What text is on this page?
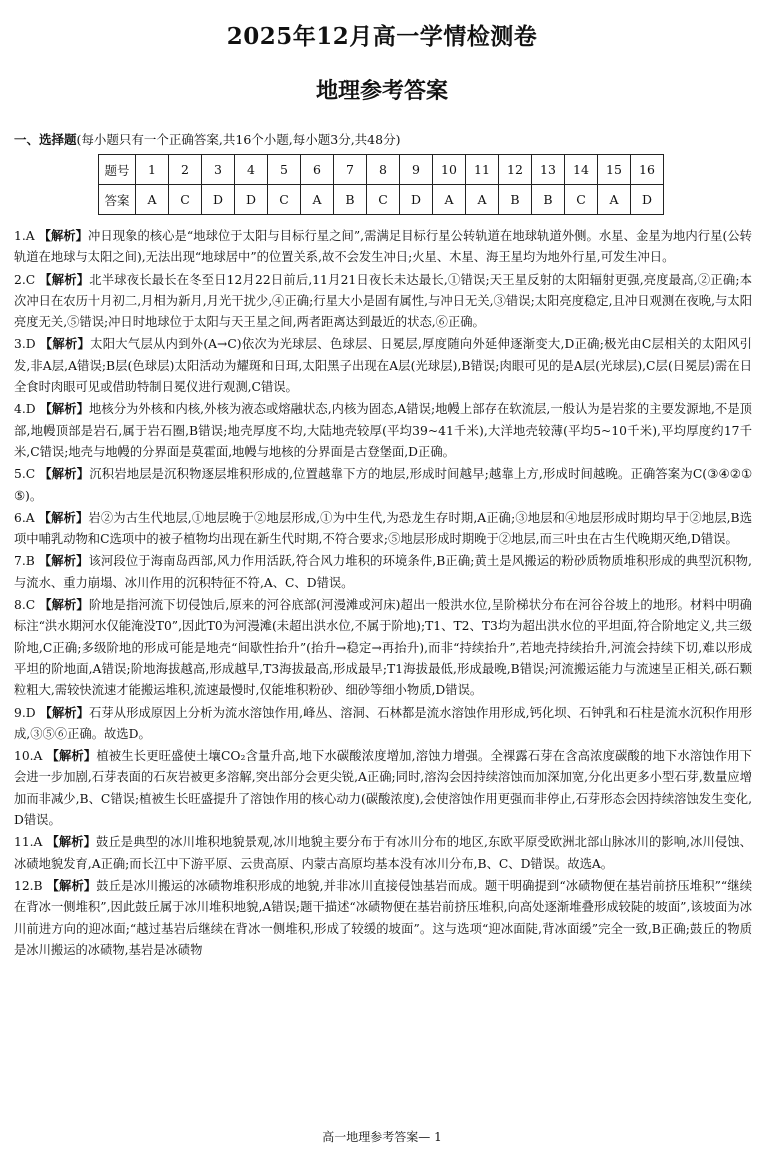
2025年12月高一学情检测卷
地理参考答案
一、选择题(每小题只有一个正确答案,共16个小题,每小题3分,共48分)
题号	1	2	3	4	5	6	7	8	9	10	11	12	13	14	15	16
答案	A	C	D	D	C	A	B	C	D	A	A	B	B	C	A	D
1.A 【解析】冲日现象的核心是“地球位于太阳与目标行星之间”,需满足目标行星公转轨道在地球轨道外侧。水星、金星为地内行星(公转轨道在地球与太阳之间),无法出现“地球居中”的位置关系,故不会发生冲日;火星、木星、海王星均为地外行星,可发生冲日。
2.C 【解析】北半球夜长最长在冬至日12月22日前后,11月21日夜长未达最长,①错误;天王星反射的太阳辐射更强,亮度最高,②正确;本次冲日在农历十月初二,月相为新月,月光干扰少,④正确;行星大小是固有属性,与冲日无关,③错误;太阳亮度稳定,且冲日观测在夜晚,与太阳亮度无关,⑤错误;冲日时地球位于太阳与天王星之间,两者距离达到最近的状态,⑥正确。
3.D 【解析】太阳大气层从内到外(A→C)依次为光球层、色球层、日冕层,厚度随向外延伸逐渐变大,D正确;极光由C层相关的太阳风引发,非A层,A错误;B层(色球层)太阳活动为耀斑和日珥,太阳黑子出现在A层(光球层),B错误;肉眼可见的是A层(光球层),C层(日冕层)需在日全食时肉眼可见或借助特制日冕仪进行观测,C错误。
4.D 【解析】地核分为外核和内核,外核为液态或熔融状态,内核为固态,A错误;地幔上部存在软流层,一般认为是岩浆的主要发源地,不是顶部,地幔顶部是岩石,属于岩石圈,B错误;地壳厚度不均,大陆地壳较厚(平均39~41千米),大洋地壳较薄(平均5~10千米),平均厚度约17千米,C错误;地壳与地幔的分界面是莫霍面,地幔与地核的分界面是古登堡面,D正确。
5.C 【解析】沉积岩地层是沉积物逐层堆积形成的,位置越靠下方的地层,形成时间越早;越靠上方,形成时间越晚。正确答案为C(③④②①⑤)。
6.A 【解析】岩②为古生代地层,①地层晚于②地层形成,①为中生代,为恐龙生存时期,A正确;③地层和④地层形成时期均早于②地层,B选项中哺乳动物和C选项中的被子植物均出现在新生代时期,不符合要求;⑤地层形成时期晚于②地层,而三叶虫在古生代晚期灭绝,D错误。
7.B 【解析】该河段位于海南岛西部,风力作用活跃,符合风力堆积的环境条件,B正确;黄土是风搬运的粉砂质物质堆积形成的典型沉积物,与流水、重力崩塌、冰川作用的沉积特征不符,A、C、D错误。
8.C 【解析】阶地是指河流下切侵蚀后,原来的河谷底部(河漫滩或河床)超出一般洪水位,呈阶梯状分布在河谷谷坡上的地形。材料中明确标注“洪水期河水仅能淹没T0”,因此T0为河漫滩(未超出洪水位,不属于阶地);T1、T2、T3均为超出洪水位的平坦面,符合阶地定义,共三级阶地,C正确;多级阶地的形成可能是地壳“间歇性抬升”(抬升→稳定→再抬升),而非“持续抬升”,若地壳持续抬升,河流会持续下切,难以形成平坦的阶地面,A错误;阶地海拔越高,形成越早,T3海拔最高,形成最早;T1海拔最低,形成最晚,B错误;河流搬运能力与流速呈正相关,砾石颗粒粗大,需较快流速才能搬运堆积,流速最慢时,仅能堆积粉砂、细砂等细小物质,D错误。
9.D 【解析】石芽从形成原因上分析为流水溶蚀作用,峰丛、溶洞、石林都是流水溶蚀作用形成,钙化坝、石钟乳和石柱是流水沉积作用形成,③⑤⑥正确。故选D。
10.A 【解析】植被生长更旺盛使土壤CO₂含量升高,地下水碳酸浓度增加,溶蚀力增强。全裸露石芽在含高浓度碳酸的地下水溶蚀作用下会进一步加剧,石芽表面的石灰岩被更多溶解,突出部分会更尖锐,A正确;同时,溶沟会因持续溶蚀而加深加宽,分化出更多小型石芽,数量应增加而非减少,B、C错误;植被生长旺盛提升了溶蚀作用的核心动力(碳酸浓度),会使溶蚀作用更强而非停止,石芽形态会因持续溶蚀发生变化,D错误。
11.A 【解析】鼓丘是典型的冰川堆积地貌景观,冰川地貌主要分布于有冰川分布的地区,东欧平原受欧洲北部山脉冰川的影响,冰川侵蚀、冰碛地貌发育,A正确;而长江中下游平原、云贵高原、内蒙古高原均基本没有冰川分布,B、C、D错误。故选A。
12.B 【解析】鼓丘是冰川搬运的冰碛物堆积形成的地貌,并非冰川直接侵蚀基岩而成。题干明确提到“冰碛物便在基岩前挤压堆积”“继续在背冰一侧堆积”,因此鼓丘属于冰川堆积地貌,A错误;题干描述“冰碛物便在基岩前挤压堆积,向高处逐渐堆叠形成较陡的坡面”,该坡面为冰川前进方向的迎冰面;“越过基岩后继续在背冰一侧堆积,形成了较缓的坡面”。这与选项“迎冰面陡,背冰面缓”完全一致,B正确;鼓丘的物质是冰川搬运的冰碛物,基岩是冰碛物
高一地理参考答案— 1
